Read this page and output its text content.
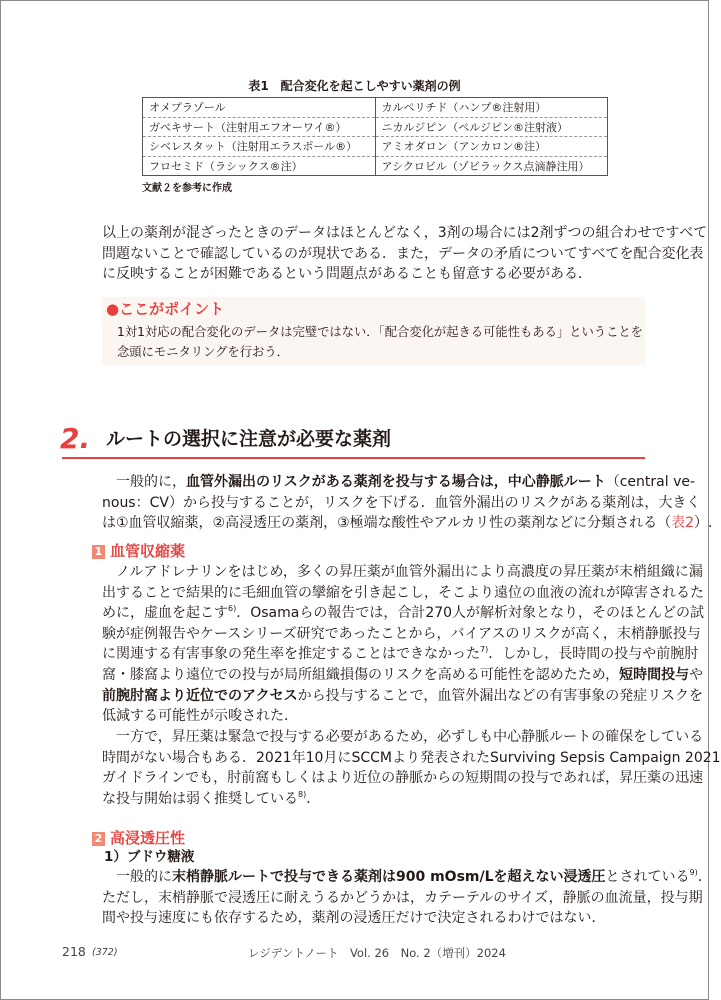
表1　配合変化を起こしやすい薬剤の例
オメプラゾール	カルペリチド（ハンプ®注射用）
ガベキサート（注射用エフオーワイ®）	ニカルジピン（ペルジピン®注射液）
シベレスタット（注射用エラスポール®）	アミオダロン（アンカロン®注）
フロセミド（ラシックス®注）	アシクロビル（ゾビラックス点滴静注用）
文献２を参考に作成
以上の薬剤が混ざったときのデータはほとんどなく，3剤の場合には2剤ずつの組合わせですべて
問題ないことで確認しているのが現状である．また，データの矛盾についてすべてを配合変化表
に反映することが困難であるという問題点があることも留意する必要がある．
●ここがポイント
1対1対応の配合変化のデータは完璧ではない．「配合変化が起きる可能性もある」ということを
念頭にモニタリングを行おう．
2. ルートの選択に注意が必要な薬剤
　一般的に，血管外漏出のリスクがある薬剤を投与する場合は，中心静脈ルート（central ve-
nous：CV）から投与することが，リスクを下げる．血管外漏出のリスクがある薬剤は，大きく
は①血管収縮薬，②高浸透圧の薬剤，③極端な酸性やアルカリ性の薬剤などに分類される（表2）.
1 血管収縮薬
　ノルアドレナリンをはじめ，多くの昇圧薬が血管外漏出により高濃度の昇圧薬が末梢組織に漏
出することで結果的に毛細血管の攣縮を引き起こし，そこより遠位の血液の流れが障害されるた
めに，虚血を起こす$^{6)}$．Osamaらの報告では，合計270人が解析対象となり，そのほとんどの試
験が症例報告やケースシリーズ研究であったことから，バイアスのリスクが高く，末梢静脈投与
に関連する有害事象の発生率を推定することはできなかった$^{7)}$．しかし，長時間の投与や前腕肘
窩・膝窩より遠位での投与が局所組織損傷のリスクを高める可能性を認めたため，短時間投与や
前腕肘窩より近位でのアクセスから投与することで，血管外漏出などの有害事象の発症リスクを
低減する可能性が示唆された．
　一方で，昇圧薬は緊急で投与する必要があるため，必ずしも中心静脈ルートの確保をしている
時間がない場合もある．2021年10月にSCCMより発表されたSurviving Sepsis Campaign 2021
ガイドラインでも，肘前窩もしくはより近位の静脈からの短期間の投与であれば，昇圧薬の迅速
な投与開始は弱く推奨している$^{8)}$．
2 高浸透圧性
1）ブドウ糖液
　一般的に末梢静脈ルートで投与できる薬剤は900 mOsm/Lを超えない浸透圧とされている$^{9)}$．
ただし，末梢静脈で浸透圧に耐えうるかどうかは，カテーテルのサイズ，静脈の血流量，投与期
間や投与速度にも依存するため，薬剤の浸透圧だけで決定されるわけではない．
218 (372)	レジデントノート　Vol. 26　No. 2（増刊）2024
